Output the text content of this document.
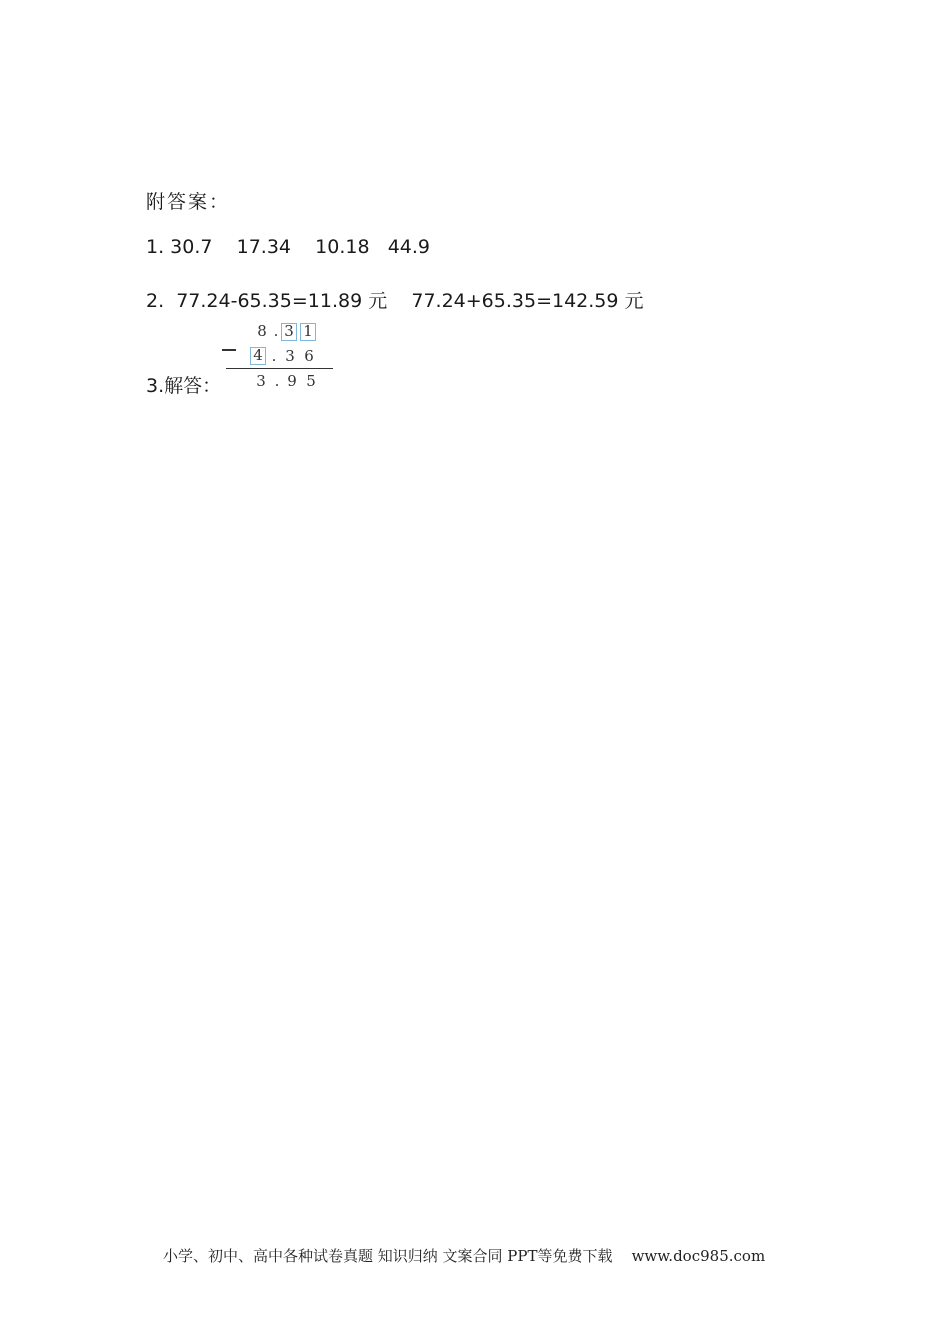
附答案：
1. 30.7    17.34    10.18   44.9
2.  77.24-65.35=11.89 元    77.24+65.35=142.59 元
3.解答：
8 . 3 1
4 . 3 6
3 . 9 5
小学、初中、高中各种试卷真题 知识归纳 文案合同 PPT等免费下载    www.doc985.com
